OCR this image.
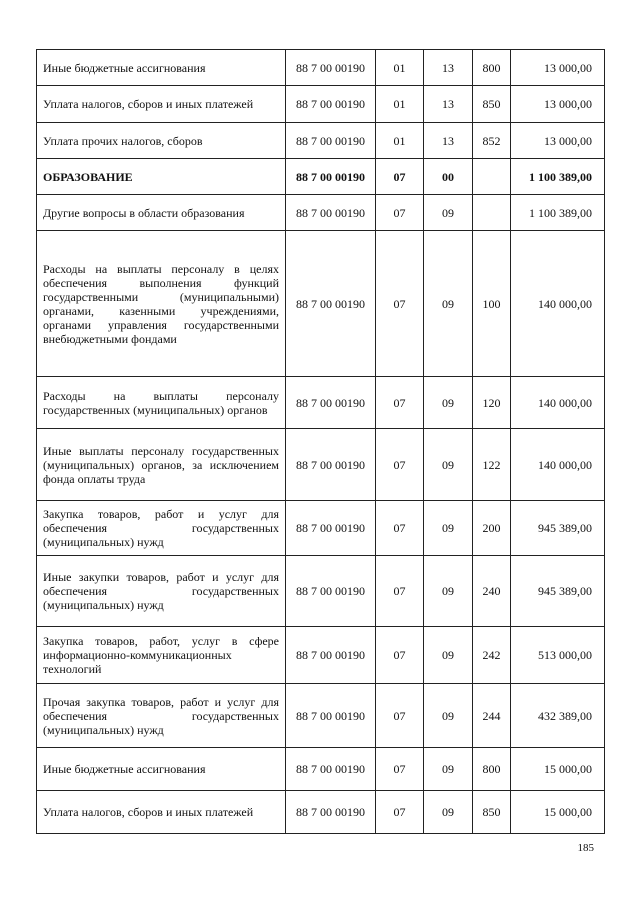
Иные бюджетные ассигнования	88 7 00 00190	01	13	800	13 000,00
Уплата налогов, сборов и иных платежей	88 7 00 00190	01	13	850	13 000,00
Уплата прочих налогов, сборов	88 7 00 00190	01	13	852	13 000,00
ОБРАЗОВАНИЕ	88 7 00 00190	07	00		1 100 389,00
Другие вопросы в области образования	88 7 00 00190	07	09		1 100 389,00
Расходы на выплаты персоналу в целях обеспечения выполнения функций государственными (муниципальными) органами, казенными учреждениями, органами управления государственными внебюджетными фондами	88 7 00 00190	07	09	100	140 000,00
Расходы на выплаты персоналу государственных (муниципальных) органов	88 7 00 00190	07	09	120	140 000,00
Иные выплаты персоналу государственных (муниципальных) органов, за исключением фонда оплаты труда	88 7 00 00190	07	09	122	140 000,00
Закупка товаров, работ и услуг для обеспечения государственных (муниципальных) нужд	88 7 00 00190	07	09	200	945 389,00
Иные закупки товаров, работ и услуг для обеспечения государственных (муниципальных) нужд	88 7 00 00190	07	09	240	945 389,00
Закупка товаров, работ, услуг в сфере информационно-коммуникационных технологий	88 7 00 00190	07	09	242	513 000,00
Прочая закупка товаров, работ и услуг для обеспечения государственных (муниципальных) нужд	88 7 00 00190	07	09	244	432 389,00
Иные бюджетные ассигнования	88 7 00 00190	07	09	800	15 000,00
Уплата налогов, сборов и иных платежей	88 7 00 00190	07	09	850	15 000,00
185
